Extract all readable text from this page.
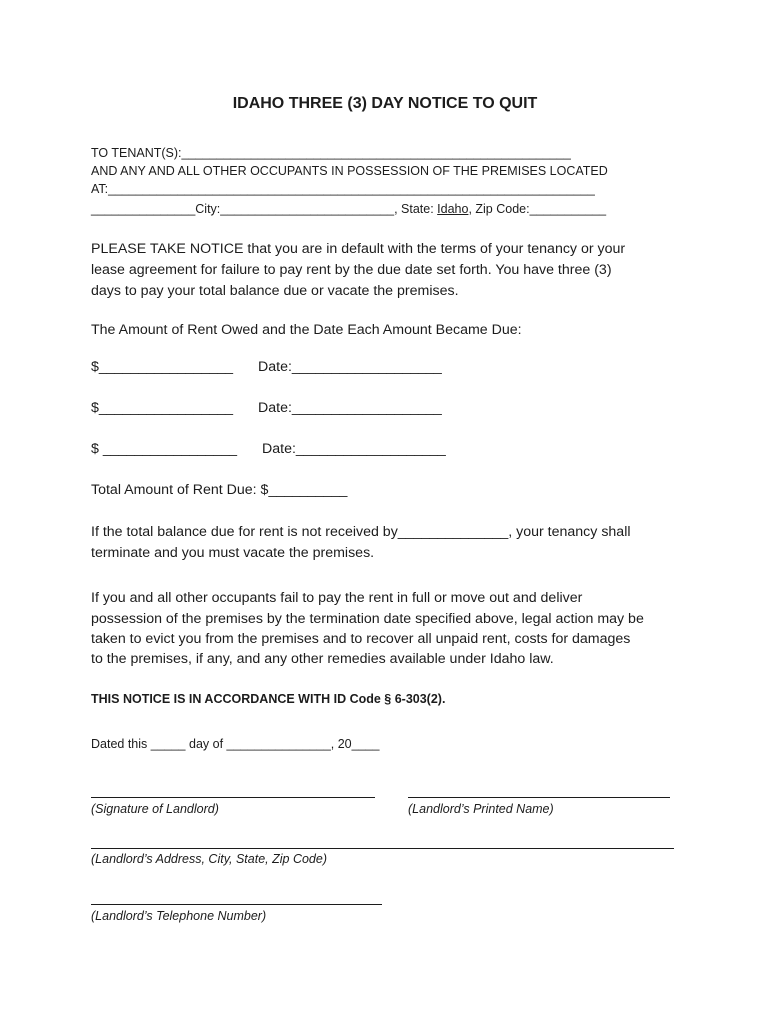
IDAHO THREE (3) DAY NOTICE TO QUIT
TO TENANT(S):________________________________________________________
AND ANY AND ALL OTHER OCCUPANTS IN POSSESSION OF THE PREMISES LOCATED
AT:______________________________________________________________________
_______________City:_________________________, State: Idaho, Zip Code:___________
PLEASE TAKE NOTICE that you are in default with the terms of your tenancy or your
lease agreement for failure to pay rent by the due date set forth. You have three (3)
days to pay your total balance due or vacate the premises.
The Amount of Rent Owed and the Date Each Amount Became Due:
$_________________ Date:___________________
$_________________ Date:___________________
$ _________________ Date:___________________
Total Amount of Rent Due: $__________
If the total balance due for rent is not received by______________, your tenancy shall
terminate and you must vacate the premises.
If you and all other occupants fail to pay the rent in full or move out and deliver
possession of the premises by the termination date specified above, legal action may be
taken to evict you from the premises and to recover all unpaid rent, costs for damages
to the premises, if any, and any other remedies available under Idaho law.
THIS NOTICE IS IN ACCORDANCE WITH ID Code § 6-303(2).
Dated this _____ day of _______________, 20____
(Signature of Landlord)	(Landlord’s Printed Name)
(Landlord’s Address, City, State, Zip Code)
(Landlord’s Telephone Number)
